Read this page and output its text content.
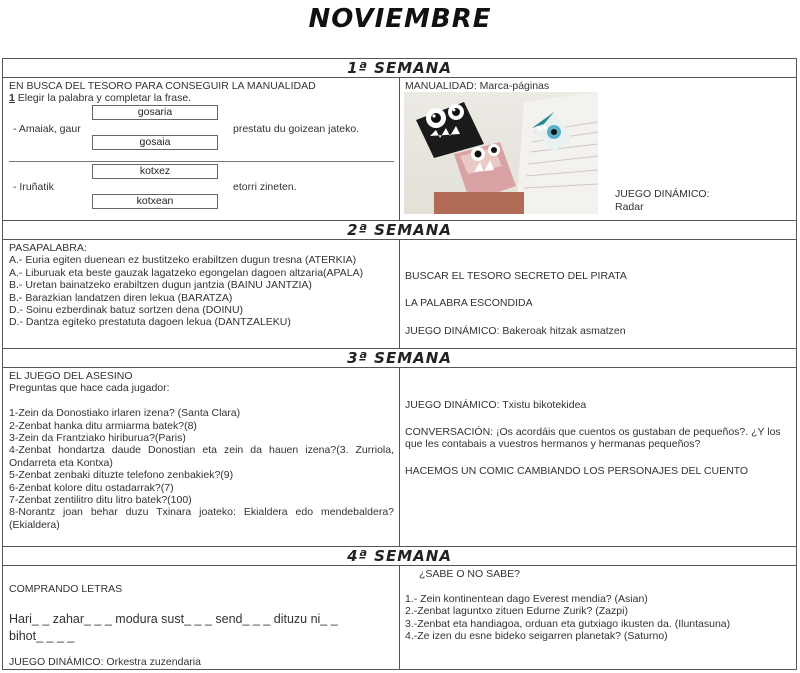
NOVIEMBRE
1ª SEMANA
2ª SEMANA
3ª SEMANA
4ª SEMANA

EN BUSCA DEL TESORO PARA CONSEGUIR LA MANUALIDAD

1 Elegir la palabra y completar la frase.

gosaria
- Amaiak, gaur	prestatu du goizean jateko.
gosaia
kotxez
- Iruñatik	etorri zineten.
kotxean
MANUALIDAD: Marca-páginas
JUEGO DINÁMICO:
Radar

PASAPALABRA:

A.- Euria egiten duenean ez bustitzeko erabiltzen dugun tresna (ATERKIA)

A.- Liburuak eta beste gauzak lagatzeko egongelan dagoen altzaria(APALA)

B.- Uretan bainatzeko erabiltzen dugun jantzia (BAINU JANTZIA)

B.- Barazkian landatzen diren lekua (BARATZA)

D.- Soinu ezberdinak batuz sortzen dena (DOINU)

D.- Dantza egiteko prestatuta dagoen lekua (DANTZALEKU)

BUSCAR EL TESORO SECRETO DEL PIRATA
LA PALABRA ESCONDIDA
JUEGO DINÁMICO: Bakeroak hitzak asmatzen

EL JUEGO DEL ASESINO

Preguntas que hace cada jugador:

1-Zein da Donostiako irlaren izena? (Santa Clara)

2-Zenbat hanka ditu armiarma batek?(8)

3-Zein da Frantziako hiriburua?(Paris)

4-Zenbat hondartza daude Donostian eta zein da hauen izena?(3. Zurriola, Ondarreta eta Kontxa)

5-Zenbat zenbaki dituzte telefono zenbakiek?(9)

6-Zenbat kolore ditu ostadarrak?(7)

7-Zenbat zentilitro ditu litro batek?(100)

8-Norantz joan behar duzu Txinara joateko: Ekialdera edo mendebaldera?(Ekialdera)

JUEGO DINÁMICO: Txistu bikotekidea
CONVERSACIÓN: ¡Os acordáis que cuentos os gustaban de pequeños?. ¿Y los que les contabais a vuestros hermanos y hermanas pequeños?
HACEMOS UN COMIC CAMBIANDO LOS PERSONAJES DEL CUENTO
COMPRANDO LETRAS
Hari_ _ zahar_ _ _ modura sust_ _ _ send_ _ _ dituzu ni_ _
bihot_ _ _ _
JUEGO DINÁMICO: Orkestra zuzendaria

¿SABE O NO SABE?

1.- Zein kontinentean dago Everest mendia? (Asian)

2.-Zenbat laguntxo zituen Edurne Zurik? (Zazpi)

3.-Zenbat eta handiagoa, orduan eta gutxiago ikusten da. (Iluntasuna)

4.-Ze izen du esne bideko seigarren planetak? (Saturno)
